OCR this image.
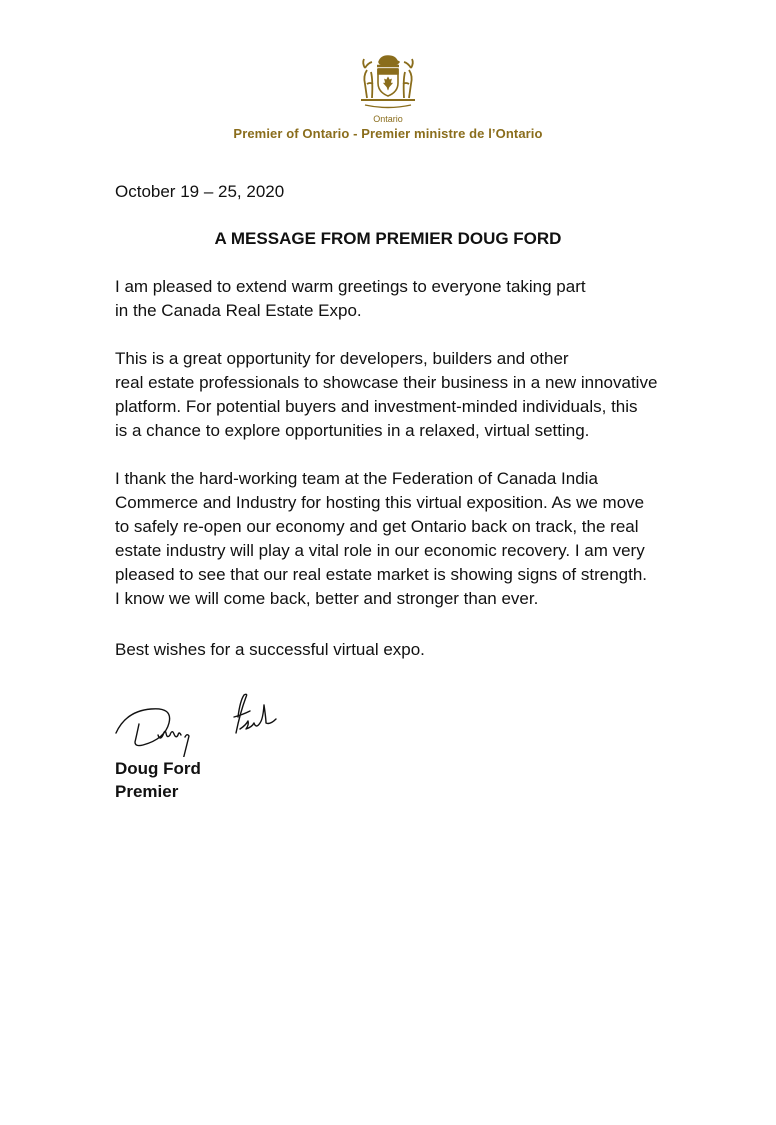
Ontario
Premier of Ontario - Premier ministre de l’Ontario
October 19 – 25, 2020
A MESSAGE FROM PREMIER DOUG FORD
I am pleased to extend warm greetings to everyone taking part
in the Canada Real Estate Expo.
This is a great opportunity for developers, builders and other
real estate professionals to showcase their business in a new innovative
platform. For potential buyers and investment-minded individuals, this
is a chance to explore opportunities in a relaxed, virtual setting.
I thank the hard-working team at the Federation of Canada India
Commerce and Industry for hosting this virtual exposition. As we move
to safely re-open our economy and get Ontario back on track, the real
estate industry will play a vital role in our economic recovery. I am very
pleased to see that our real estate market is showing signs of strength.
I know we will come back, better and stronger than ever.
Best wishes for a successful virtual expo.
Doug Ford
Premier
